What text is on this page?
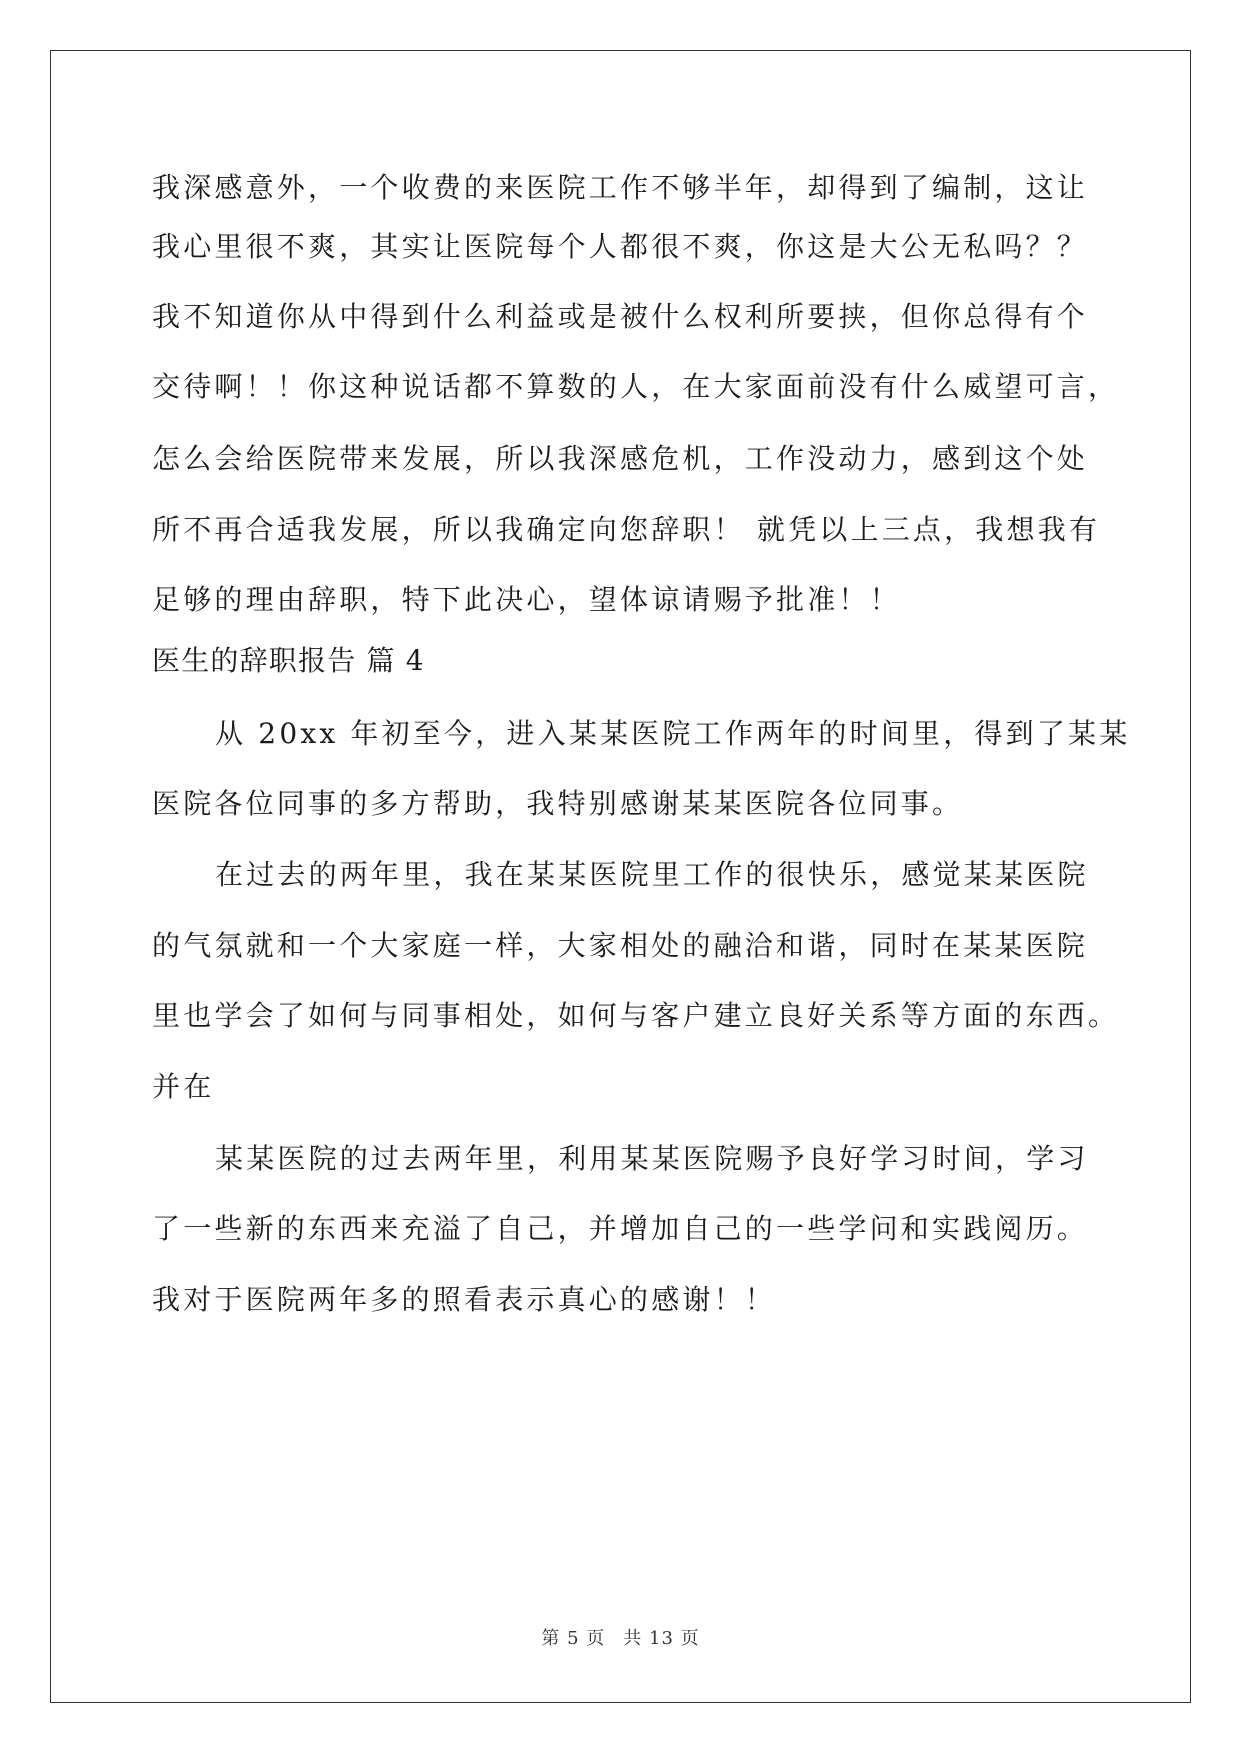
我深感意外，一个收费的来医院工作不够半年，却得到了编制，这让
我心里很不爽，其实让医院每个人都很不爽，你这是大公无私吗？？
我不知道你从中得到什么利益或是被什么权利所要挟，但你总得有个
交待啊！！你这种说话都不算数的人，在大家面前没有什么威望可言，
怎么会给医院带来发展，所以我深感危机，工作没动力，感到这个处
所不再合适我发展，所以我确定向您辞职！ 就凭以上三点，我想我有
足够的理由辞职，特下此决心，望体谅请赐予批准！！
医生的辞职报告 篇 4
从 20xx 年初至今，进入某某医院工作两年的时间里，得到了某某
医院各位同事的多方帮助，我特别感谢某某医院各位同事。
在过去的两年里，我在某某医院里工作的很快乐，感觉某某医院
的气氛就和一个大家庭一样，大家相处的融洽和谐，同时在某某医院
里也学会了如何与同事相处，如何与客户建立良好关系等方面的东西。
并在
某某医院的过去两年里，利用某某医院赐予良好学习时间，学习
了一些新的东西来充溢了自己，并增加自己的一些学问和实践阅历。
我对于医院两年多的照看表示真心的感谢！！
第 5 页 共 13 页
